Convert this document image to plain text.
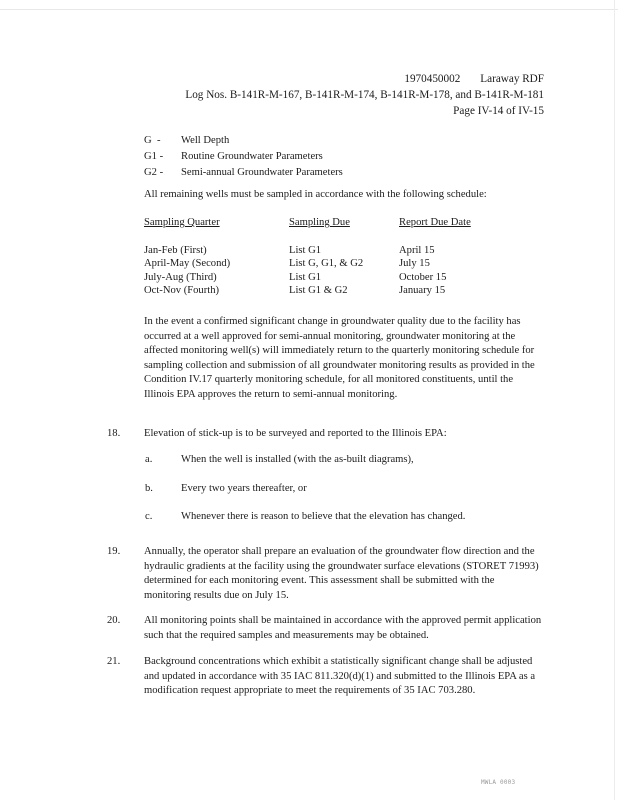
1970450002 Laraway RDF
Log Nos. B-141R-M-167, B-141R-M-174, B-141R-M-178, and B-141R-M-181
Page IV-14 of IV-15
G  -	Well Depth
G1 -	Routine Groundwater Parameters
G2 -	Semi-annual Groundwater Parameters
All remaining wells must be sampled in accordance with the following schedule:
Sampling Quarter	Sampling Due	Report Due Date
Jan-Feb (First)	List G1	April 15
April-May (Second)	List G, G1, & G2	July 15
July-Aug (Third)	List G1	October 15
Oct-Nov (Fourth)	List G1 & G2	January 15
In the event a confirmed significant change in groundwater quality due to the facility has occurred at a well approved for semi-annual monitoring, groundwater monitoring at the affected monitoring well(s) will immediately return to the quarterly monitoring schedule for sampling collection and submission of all groundwater monitoring results as provided in the Condition IV.17 quarterly monitoring schedule, for all monitored constituents, until the Illinois EPA approves the return to semi-annual monitoring.
18. Elevation of stick-up is to be surveyed and reported to the Illinois EPA:
a.	When the well is installed (with the as-built diagrams),
b.	Every two years thereafter, or
c.	Whenever there is reason to believe that the elevation has changed.
19. Annually, the operator shall prepare an evaluation of the groundwater flow direction and the hydraulic gradients at the facility using the groundwater surface elevations (STORET 71993) determined for each monitoring event. This assessment shall be submitted with the monitoring results due on July 15.
20. All monitoring points shall be maintained in accordance with the approved permit application such that the required samples and measurements may be obtained.
21. Background concentrations which exhibit a statistically significant change shall be adjusted and updated in accordance with 35 IAC 811.320(d)(1) and submitted to the Illinois EPA as a modification request appropriate to meet the requirements of 35 IAC 703.280.
MWLA 0003
